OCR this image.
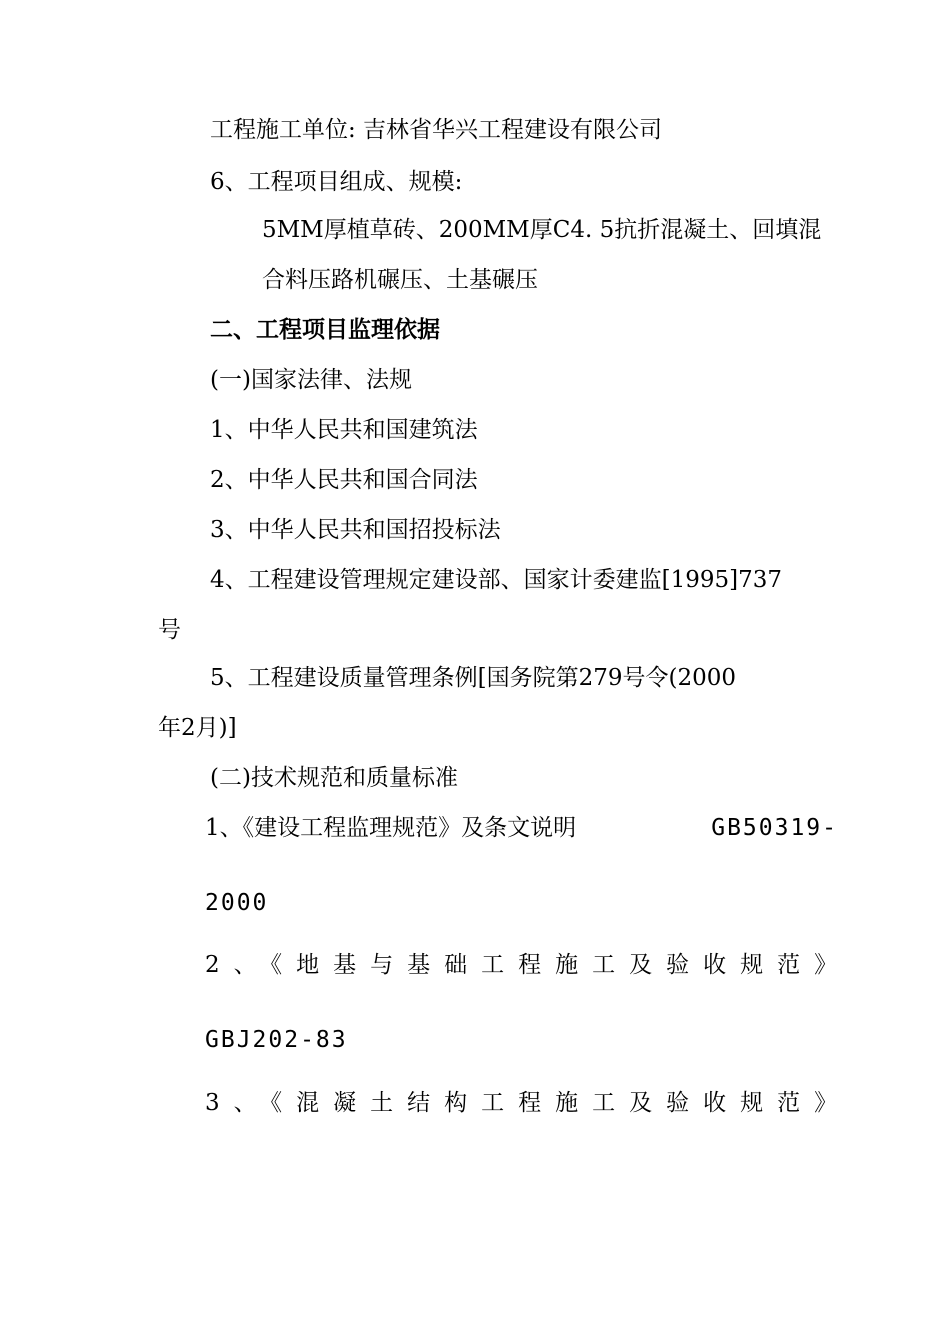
工程施工单位: 吉林省华兴工程建设有限公司
6、工程项目组成、规模:
5MM厚植草砖、200MM厚C4. 5抗折混凝土、回填混
合料压路机碾压、土基碾压
二、工程项目监理依据
(一)国家法律、法规
1、中华人民共和国建筑法
2、中华人民共和国合同法
3、中华人民共和国招投标法
4、工程建设管理规定建设部、国家计委建监[1995]737
号
5、工程建设质量管理条例[国务院第279号令(2000
年2月)]
(二)技术规范和质量标准
1、《建设工程监理规范》及条文说明	GB50319-
2000
2、《地基与基础工程施工及验收规范》
GBJ202-83
3、《混凝土结构工程施工及验收规范》
